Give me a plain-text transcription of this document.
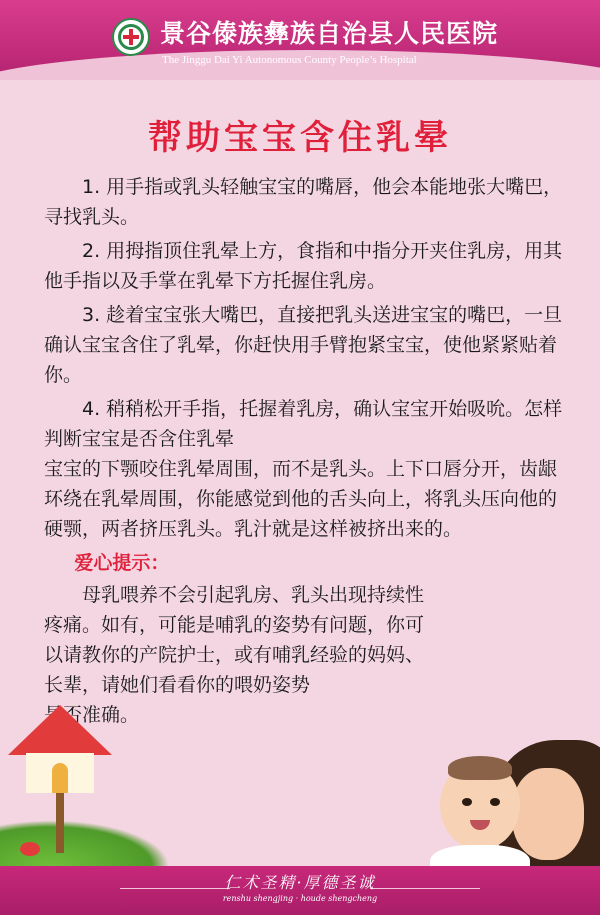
景谷傣族彝族自治县人民医院
The Jinggu Dai Yi Autonomous County People’s Hospital
帮助宝宝含住乳晕

1. 用手指或乳头轻触宝宝的嘴唇，他会本能地张大嘴巴，寻找乳头。

2. 用拇指顶住乳晕上方，食指和中指分开夹住乳房，用其他手指以及手掌在乳晕下方托握住乳房。

3. 趁着宝宝张大嘴巴，直接把乳头送进宝宝的嘴巴，一旦确认宝宝含住了乳晕，你赶快用手臂抱紧宝宝，使他紧紧贴着你。

4. 稍稍松开手指，托握着乳房，确认宝宝开始吸吮。怎样判断宝宝是否含住乳晕

宝宝的下颚咬住乳晕周围，而不是乳头。上下口唇分开，齿龈环绕在乳晕周围，你能感觉到他的舌头向上，将乳头压向他的硬颚，两者挤压乳头。乳汁就是这样被挤出来的。

爱心提示：

母乳喂养不会引起乳房、乳头出现持续性疼痛。如有，可能是哺乳的姿势有问题，你可以请教你的产院护士，或有哺乳经验的妈妈、长辈，请她们看看你的喂奶姿势

是否准确。

仁术圣精·厚德圣诚
renshu shengjing · houde shengcheng
